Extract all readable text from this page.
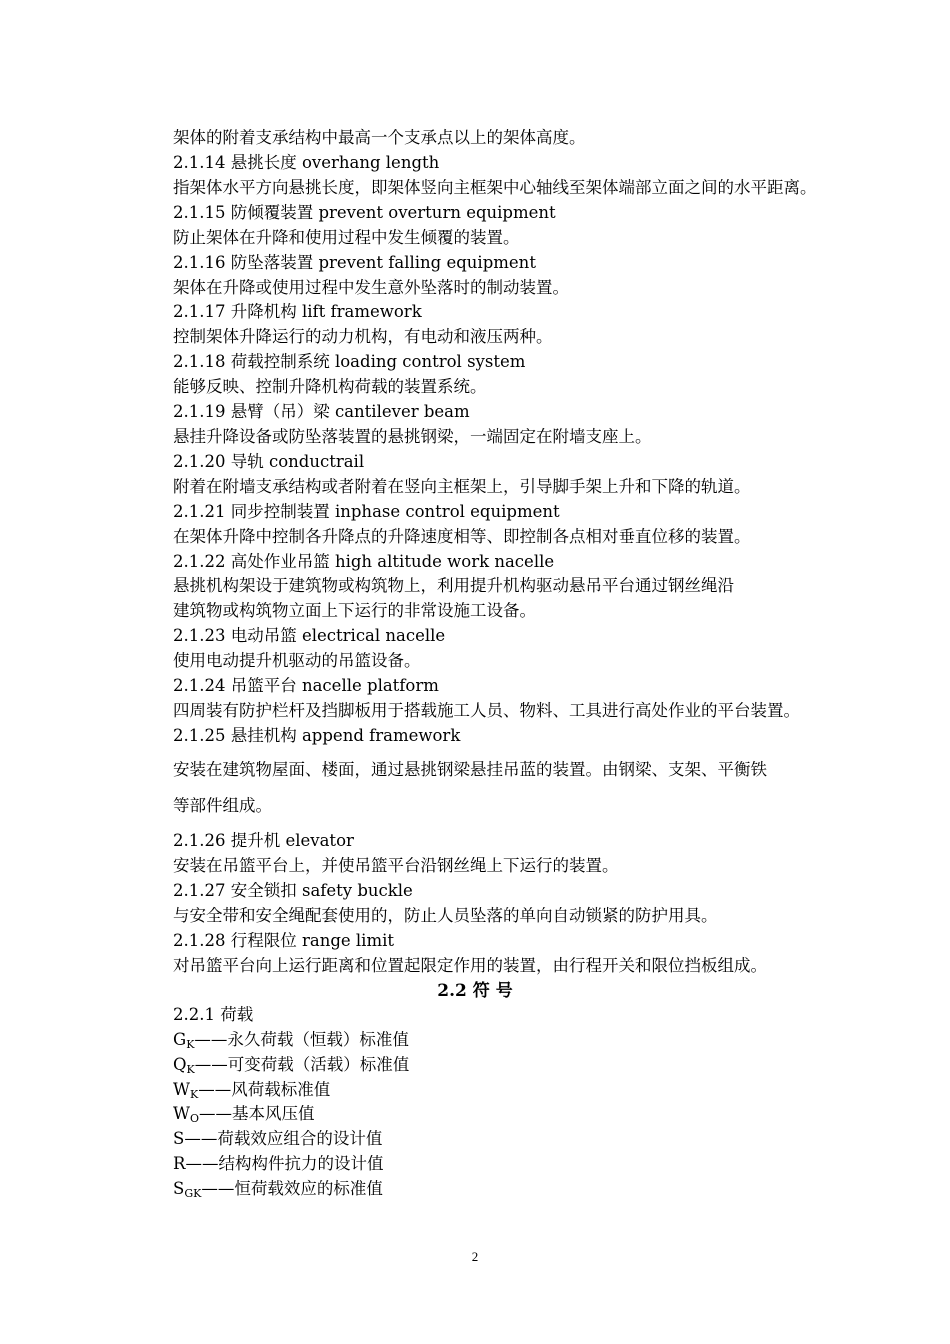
架体的附着支承结构中最高一个支承点以上的架体高度。
2.1.14 悬挑长度 overhang length
指架体水平方向悬挑长度，即架体竖向主框架中心轴线至架体端部立面之间的水平距离。
2.1.15 防倾覆装置 prevent overturn equipment
防止架体在升降和使用过程中发生倾覆的装置。
2.1.16 防坠落装置 prevent falling equipment
架体在升降或使用过程中发生意外坠落时的制动装置。
2.1.17 升降机构 lift framework
控制架体升降运行的动力机构，有电动和液压两种。
2.1.18 荷载控制系统 loading control system
能够反映、控制升降机构荷载的装置系统。
2.1.19 悬臂（吊）梁 cantilever beam
悬挂升降设备或防坠落装置的悬挑钢梁，一端固定在附墙支座上。
2.1.20 导轨 conductrail
附着在附墙支承结构或者附着在竖向主框架上，引导脚手架上升和下降的轨道。
2.1.21 同步控制装置 inphase control equipment
在架体升降中控制各升降点的升降速度相等、即控制各点相对垂直位移的装置。
2.1.22 高处作业吊篮 high altitude work nacelle
悬挑机构架设于建筑物或构筑物上，利用提升机构驱动悬吊平台通过钢丝绳沿
建筑物或构筑物立面上下运行的非常设施工设备。
2.1.23 电动吊篮 electrical nacelle
使用电动提升机驱动的吊篮设备。
2.1.24 吊篮平台 nacelle platform
四周装有防护栏杆及挡脚板用于搭载施工人员、物料、工具进行高处作业的平台装置。
2.1.25 悬挂机构 append framework
安装在建筑物屋面、楼面，通过悬挑钢梁悬挂吊蓝的装置。由钢梁、支架、平衡铁
等部件组成。
2.1.26 提升机 elevator
安装在吊篮平台上，并使吊篮平台沿钢丝绳上下运行的装置。
2.1.27 安全锁扣 safety buckle
与安全带和安全绳配套使用的，防止人员坠落的单向自动锁紧的防护用具。
2.1.28 行程限位 range limit
对吊篮平台向上运行距离和位置起限定作用的装置，由行程开关和限位挡板组成。
2.2 符 号
2.2.1 荷载
$G_K——$永久荷载（恒载）标准值
$Q_K——$可变荷载（活载）标准值
$W_K——$风荷载标准值
$W_O——$基本风压值
S——荷载效应组合的设计值
R——结构构件抗力的设计值
$S_{GK}——$恒荷载效应的标准值
2
